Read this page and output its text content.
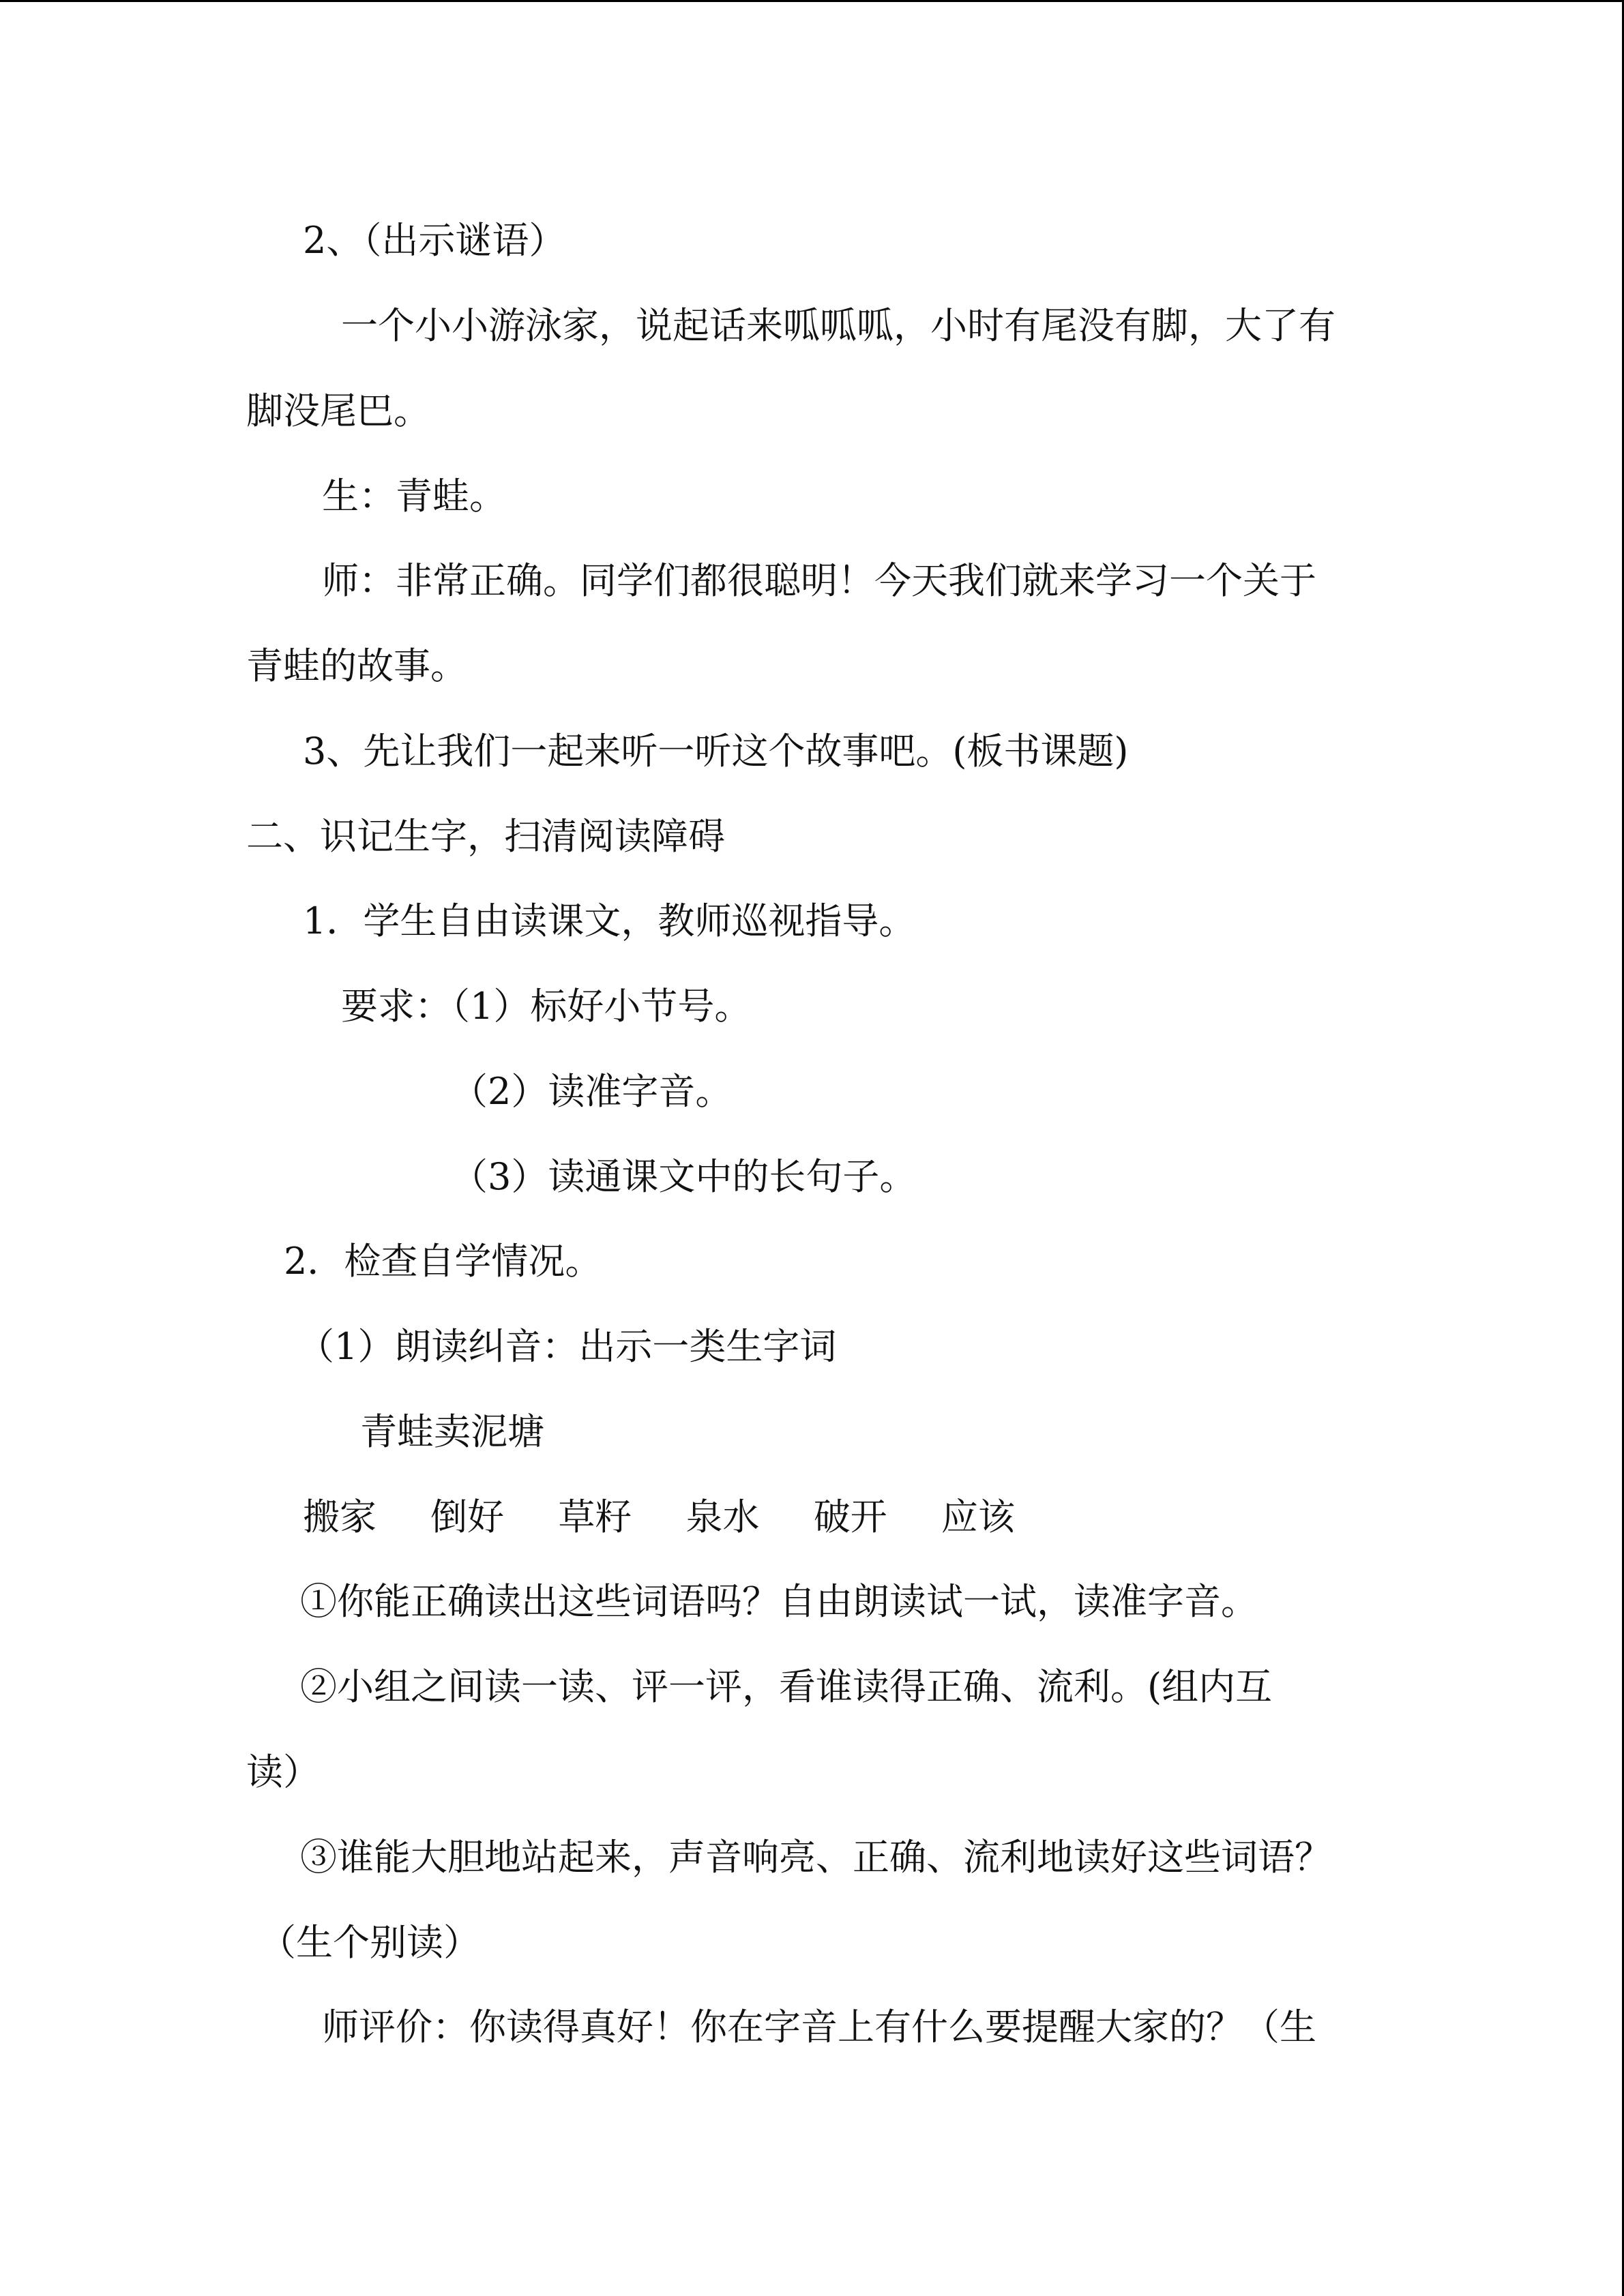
2、（出示谜语）
一个小小游泳家，说起话来呱呱呱，小时有尾没有脚，大了有
脚没尾巴。
生：青蛙。
师：非常正确。同学们都很聪明！今天我们就来学习一个关于
青蛙的故事。
3、先让我们一起来听一听这个故事吧。(板书课题)
二、识记生字，扫清阅读障碍
1．学生自由读课文，教师巡视指导。
要求：（1）标好小节号。
（2）读准字音。
（3）读通课文中的长句子。
2．检查自学情况。
（1）朗读纠音：出示一类生字词
青蛙卖泥塘
搬家 倒好 草籽 泉水 破开 应该
①你能正确读出这些词语吗？自由朗读试一试，读准字音。
②小组之间读一读、评一评，看谁读得正确、流利。(组内互
读）
③谁能大胆地站起来，声音响亮、正确、流利地读好这些词语？
（生个别读）
师评价：你读得真好！你在字音上有什么要提醒大家的？（生
